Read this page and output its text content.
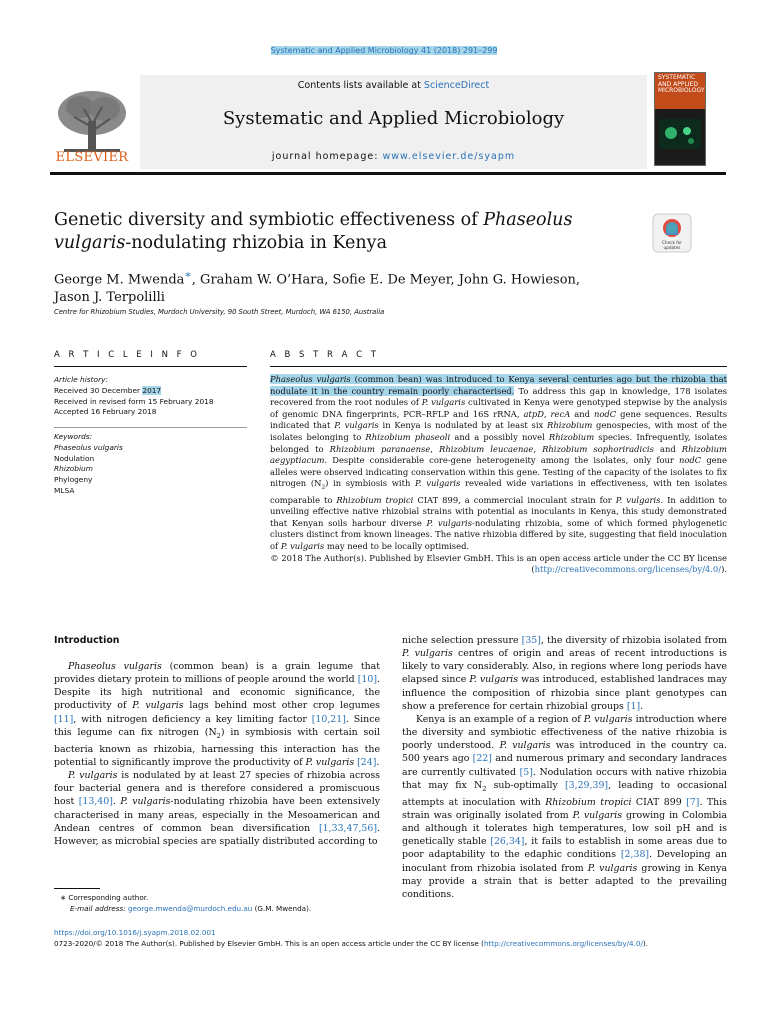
Systematic and Applied Microbiology 41 (2018) 291–299
Contents lists available at ScienceDirect
Systematic and Applied Microbiology
journal homepage: www.elsevier.de/syapm
ELSEVIER
SYSTEMATIC
AND APPLIED
MICROBIOLOGY
Genetic diversity and symbiotic effectiveness of Phaseolus vulgaris-nodulating rhizobia in Kenya	Check for
updates
George M. Mwenda∗, Graham W. O’Hara, Sofie E. De Meyer, John G. Howieson,
Jason J. Terpolilli
Centre for Rhizobium Studies, Murdoch University, 90 South Street, Murdoch, WA 6150, Australia
A R T I C L E I N F O
Article history:
Received 30 December 2017
Received in revised form 15 February 2018
Accepted 16 February 2018
Keywords:
Phaseolus vulgaris
Nodulation
Rhizobium
Phylogeny
MLSA
A B S T R A C T
Phaseolus vulgaris (common bean) was introduced to Kenya several centuries ago but the rhizobia that nodulate it in the country remain poorly characterised. To address this gap in knowledge, 178 isolates recovered from the root nodules of P. vulgaris cultivated in Kenya were genotyped stepwise by the analysis of genomic DNA fingerprints, PCR–RFLP and 16S rRNA, atpD, recA and nodC gene sequences. Results indicated that P. vulgaris in Kenya is nodulated by at least six Rhizobium genospecies, with most of the isolates belonging to Rhizobium phaseoli and a possibly novel Rhizobium species. Infrequently, isolates belonged to Rhizobium paranaense, Rhizobium leucaenae, Rhizobium sophoriradicis and Rhizobium aegyptiacum. Despite considerable core-gene heterogeneity among the isolates, only four nodC gene alleles were observed indicating conservation within this gene. Testing of the capacity of the isolates to fix nitrogen $(N_2)$ in symbiosis with P. vulgaris revealed wide variations in effectiveness, with ten isolates comparable to Rhizobium tropici CIAT 899, a commercial inoculant strain for P. vulgaris. In addition to unveiling effective native rhizobial strains with potential as inoculants in Kenya, this study demonstrated that Kenyan soils harbour diverse P. vulgaris-nodulating rhizobia, some of which formed phylogenetic clusters distinct from known lineages. The native rhizobia differed by site, suggesting that field inoculation of P. vulgaris may need to be locally optimised.
© 2018 The Author(s). Published by Elsevier GmbH. This is an open access article under the CC BY license (http://creativecommons.org/licenses/by/4.0/).
Introduction

Phaseolus vulgaris (common bean) is a grain legume that provides dietary protein to millions of people around the world [10]. Despite its high nutritional and economic significance, the productivity of P. vulgaris lags behind most other crop legumes [11], with nitrogen deficiency a key limiting factor [10,21]. Since this legume can fix nitrogen $(N_2)$ in symbiosis with certain soil bacteria known as rhizobia, harnessing this interaction has the potential to significantly improve the productivity of P. vulgaris [24].

P. vulgaris is nodulated by at least 27 species of rhizobia across four bacterial genera and is therefore considered a promiscuous host [13,40]. P. vulgaris-nodulating rhizobia have been extensively characterised in many areas, especially in the Mesoamerican and Andean centres of common bean diversification [1,33,47,56]. However, as microbial species are spatially distributed according to

niche selection pressure [35], the diversity of rhizobia isolated from P. vulgaris centres of origin and areas of recent introductions is likely to vary considerably. Also, in regions where long periods have elapsed since P. vulgaris was introduced, established landraces may influence the composition of rhizobia since plant genotypes can show a preference for certain rhizobial groups [1].

Kenya is an example of a region of P. vulgaris introduction where the diversity and symbiotic effectiveness of the native rhizobia is poorly understood. P. vulgaris was introduced in the country ca. 500 years ago [22] and numerous primary and secondary landraces are currently cultivated [5]. Nodulation occurs with native rhizobia that may fix $N_2$ sub-optimally [3,29,39], leading to occasional attempts at inoculation with Rhizobium tropici CIAT 899 [7]. This strain was originally isolated from P. vulgaris growing in Colombia and although it tolerates high temperatures, low soil pH and is genetically stable [26,34], it fails to establish in some areas due to poor adaptability to the edaphic conditions [2,38]. Developing an inoculant from rhizobia isolated from P. vulgaris growing in Kenya may provide a strain that is better adapted to the prevailing conditions.

∗ Corresponding author.
E-mail address: george.mwenda@murdoch.edu.au (G.M. Mwenda).
https://doi.org/10.1016/j.syapm.2018.02.001
0723-2020/© 2018 The Author(s). Published by Elsevier GmbH. This is an open access article under the CC BY license (http://creativecommons.org/licenses/by/4.0/).
